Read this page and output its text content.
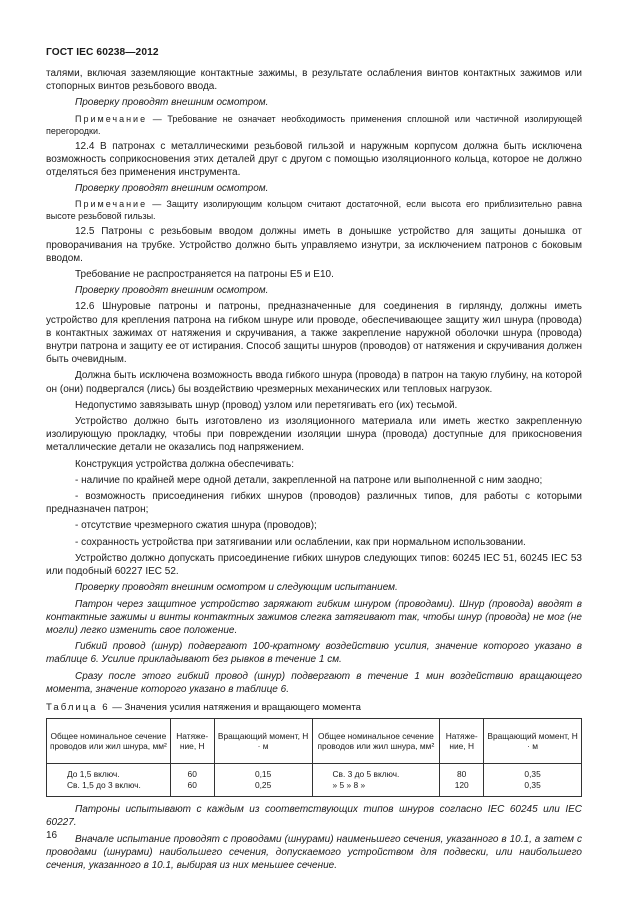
ГОСТ IEC 60238—2012

талями, включая заземляющие контактные зажимы, в результате ослабления винтов контактных зажимов или стопорных винтов резьбового ввода.

Проверку проводят внешним осмотром.

Примечание — Требование не означает необходимость применения сплошной или частичной изолирующей перегородки.

12.4 В патронах с металлическими резьбовой гильзой и наружным корпусом должна быть исключена возможность соприкосновения этих деталей друг с другом с помощью изоляционного кольца, которое не должно отделяться без применения инструмента.

Проверку проводят внешним осмотром.

Примечание — Защиту изолирующим кольцом считают достаточной, если высота его приблизительно равна высоте резьбовой гильзы.

12.5 Патроны с резьбовым вводом должны иметь в донышке устройство для защиты донышка от проворачивания на трубке. Устройство должно быть управляемо изнутри, за исключением патронов с боковым вводом.

Требование не распространяется на патроны E5 и E10.

Проверку проводят внешним осмотром.

12.6 Шнуровые патроны и патроны, предназначенные для соединения в гирлянду, должны иметь устройство для крепления патрона на гибком шнуре или проводе, обеспечивающее защиту жил шнура (провода) в контактных зажимах от натяжения и скручивания, а также закрепление наружной оболочки шнура (провода) внутри патрона и защиту ее от истирания. Способ защиты шнуров (проводов) от натяжения и скручивания должен быть очевидным.

Должна быть исключена возможность ввода гибкого шнура (провода) в патрон на такую глубину, на которой он (они) подвергался (лись) бы воздействию чрезмерных механических или тепловых нагрузок.

Недопустимо завязывать шнур (провод) узлом или перетягивать его (их) тесьмой.

Устройство должно быть изготовлено из изоляционного материала или иметь жестко закрепленную изолирующую прокладку, чтобы при повреждении изоляции шнура (провода) доступные для прикосновения металлические детали не оказались под напряжением.

Конструкция устройства должна обеспечивать:

- наличие по крайней мере одной детали, закрепленной на патроне или выполненной с ним заодно;

- возможность присоединения гибких шнуров (проводов) различных типов, для работы с которыми предназначен патрон;

- отсутствие чрезмерного сжатия шнура (проводов);

- сохранность устройства при затягивании или ослаблении, как при нормальном использовании.

Устройство должно допускать присоединение гибких шнуров следующих типов: 60245 IEC 51, 60245 IEC 53 или подобный 60227 IEC 52.

Проверку проводят внешним осмотром и следующим испытанием.

Патрон через защитное устройство заряжают гибким шнуром (проводами). Шнур (провода) вводят в контактные зажимы и винты контактных зажимов слегка затягивают так, чтобы шнур (провода) не мог (не могли) легко изменить свое положение.

Гибкий провод (шнур) подвергают 100-кратному воздействию усилия, значение которого указано в таблице 6. Усилие прикладывают без рывков в течение 1 см.

Сразу после этого гибкий провод (шнур) подвергают в течение 1 мин воздействию вращающего момента, значение которого указано в таблице 6.

Таблица 6 — Значения усилия натяжения и вращающего момента

Общее номинальное сечение проводов или жил шнура, мм²	Натяже-ние, Н	Вращающий момент, Н · м	Общее номинальное сечение проводов или жил шнура, мм²	Натяже-ние, Н	Вращающий момент, Н · м
До 1,5 включ.	60	0,15	Св. 3 до 5 включ.	80	0,35
Св. 1,5 до 3 включ.	60	0,25	» 5 » 8 »	120	0,35

Патроны испытывают с каждым из соответствующих типов шнуров согласно IEC 60245 или IEC 60227.

Вначале испытание проводят с проводами (шнурами) наименьшего сечения, указанного в 10.1, а затем с проводами (шнурами) наибольшего сечения, допускаемого устройством для подвески, или наибольшего сечения, указанного в 10.1, выбирая из них меньшее сечение.

16
